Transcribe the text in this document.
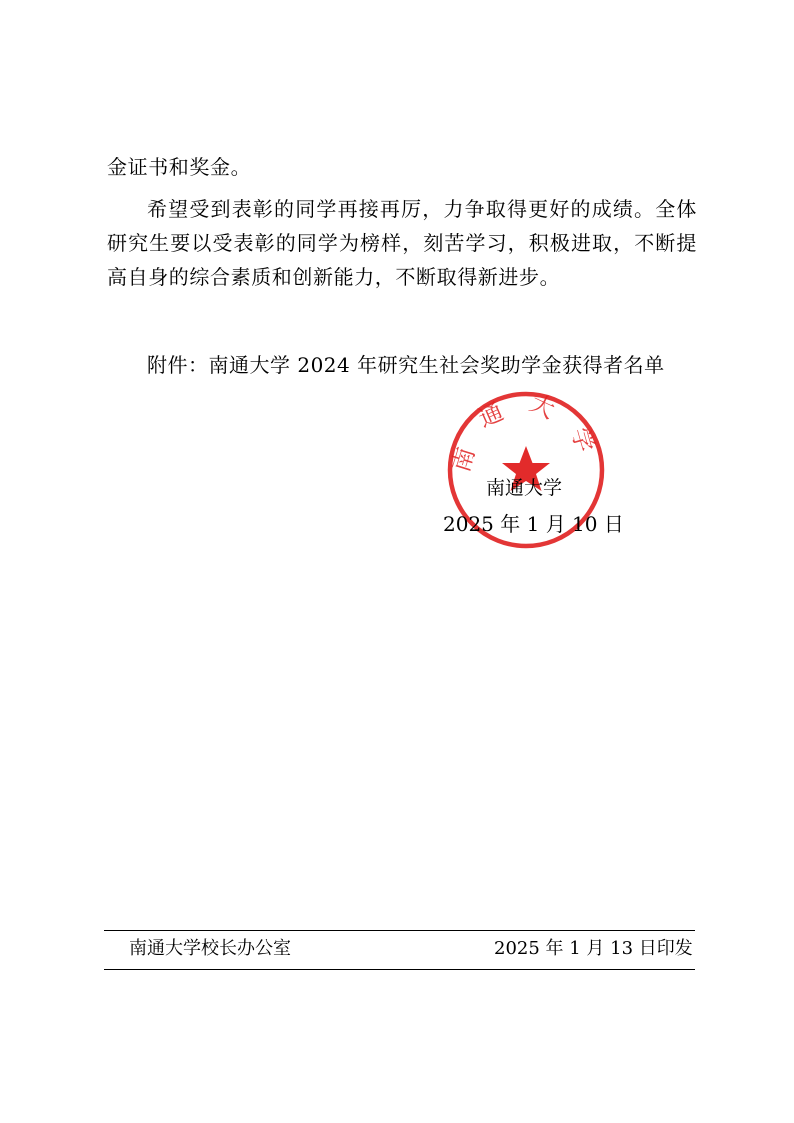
金证书和奖金。

希望受到表彰的同学再接再厉，力争取得更好的成绩。全体研究生要以受表彰的同学为榜样，刻苦学习，积极进取，不断提高自身的综合素质和创新能力，不断取得新进步。

附件：南通大学 2024 年研究生社会奖助学金获得者名单
南通大学
南通大学
2025 年 1 月 10 日
南通大学校长办公室	2025 年 1 月 13 日印发
